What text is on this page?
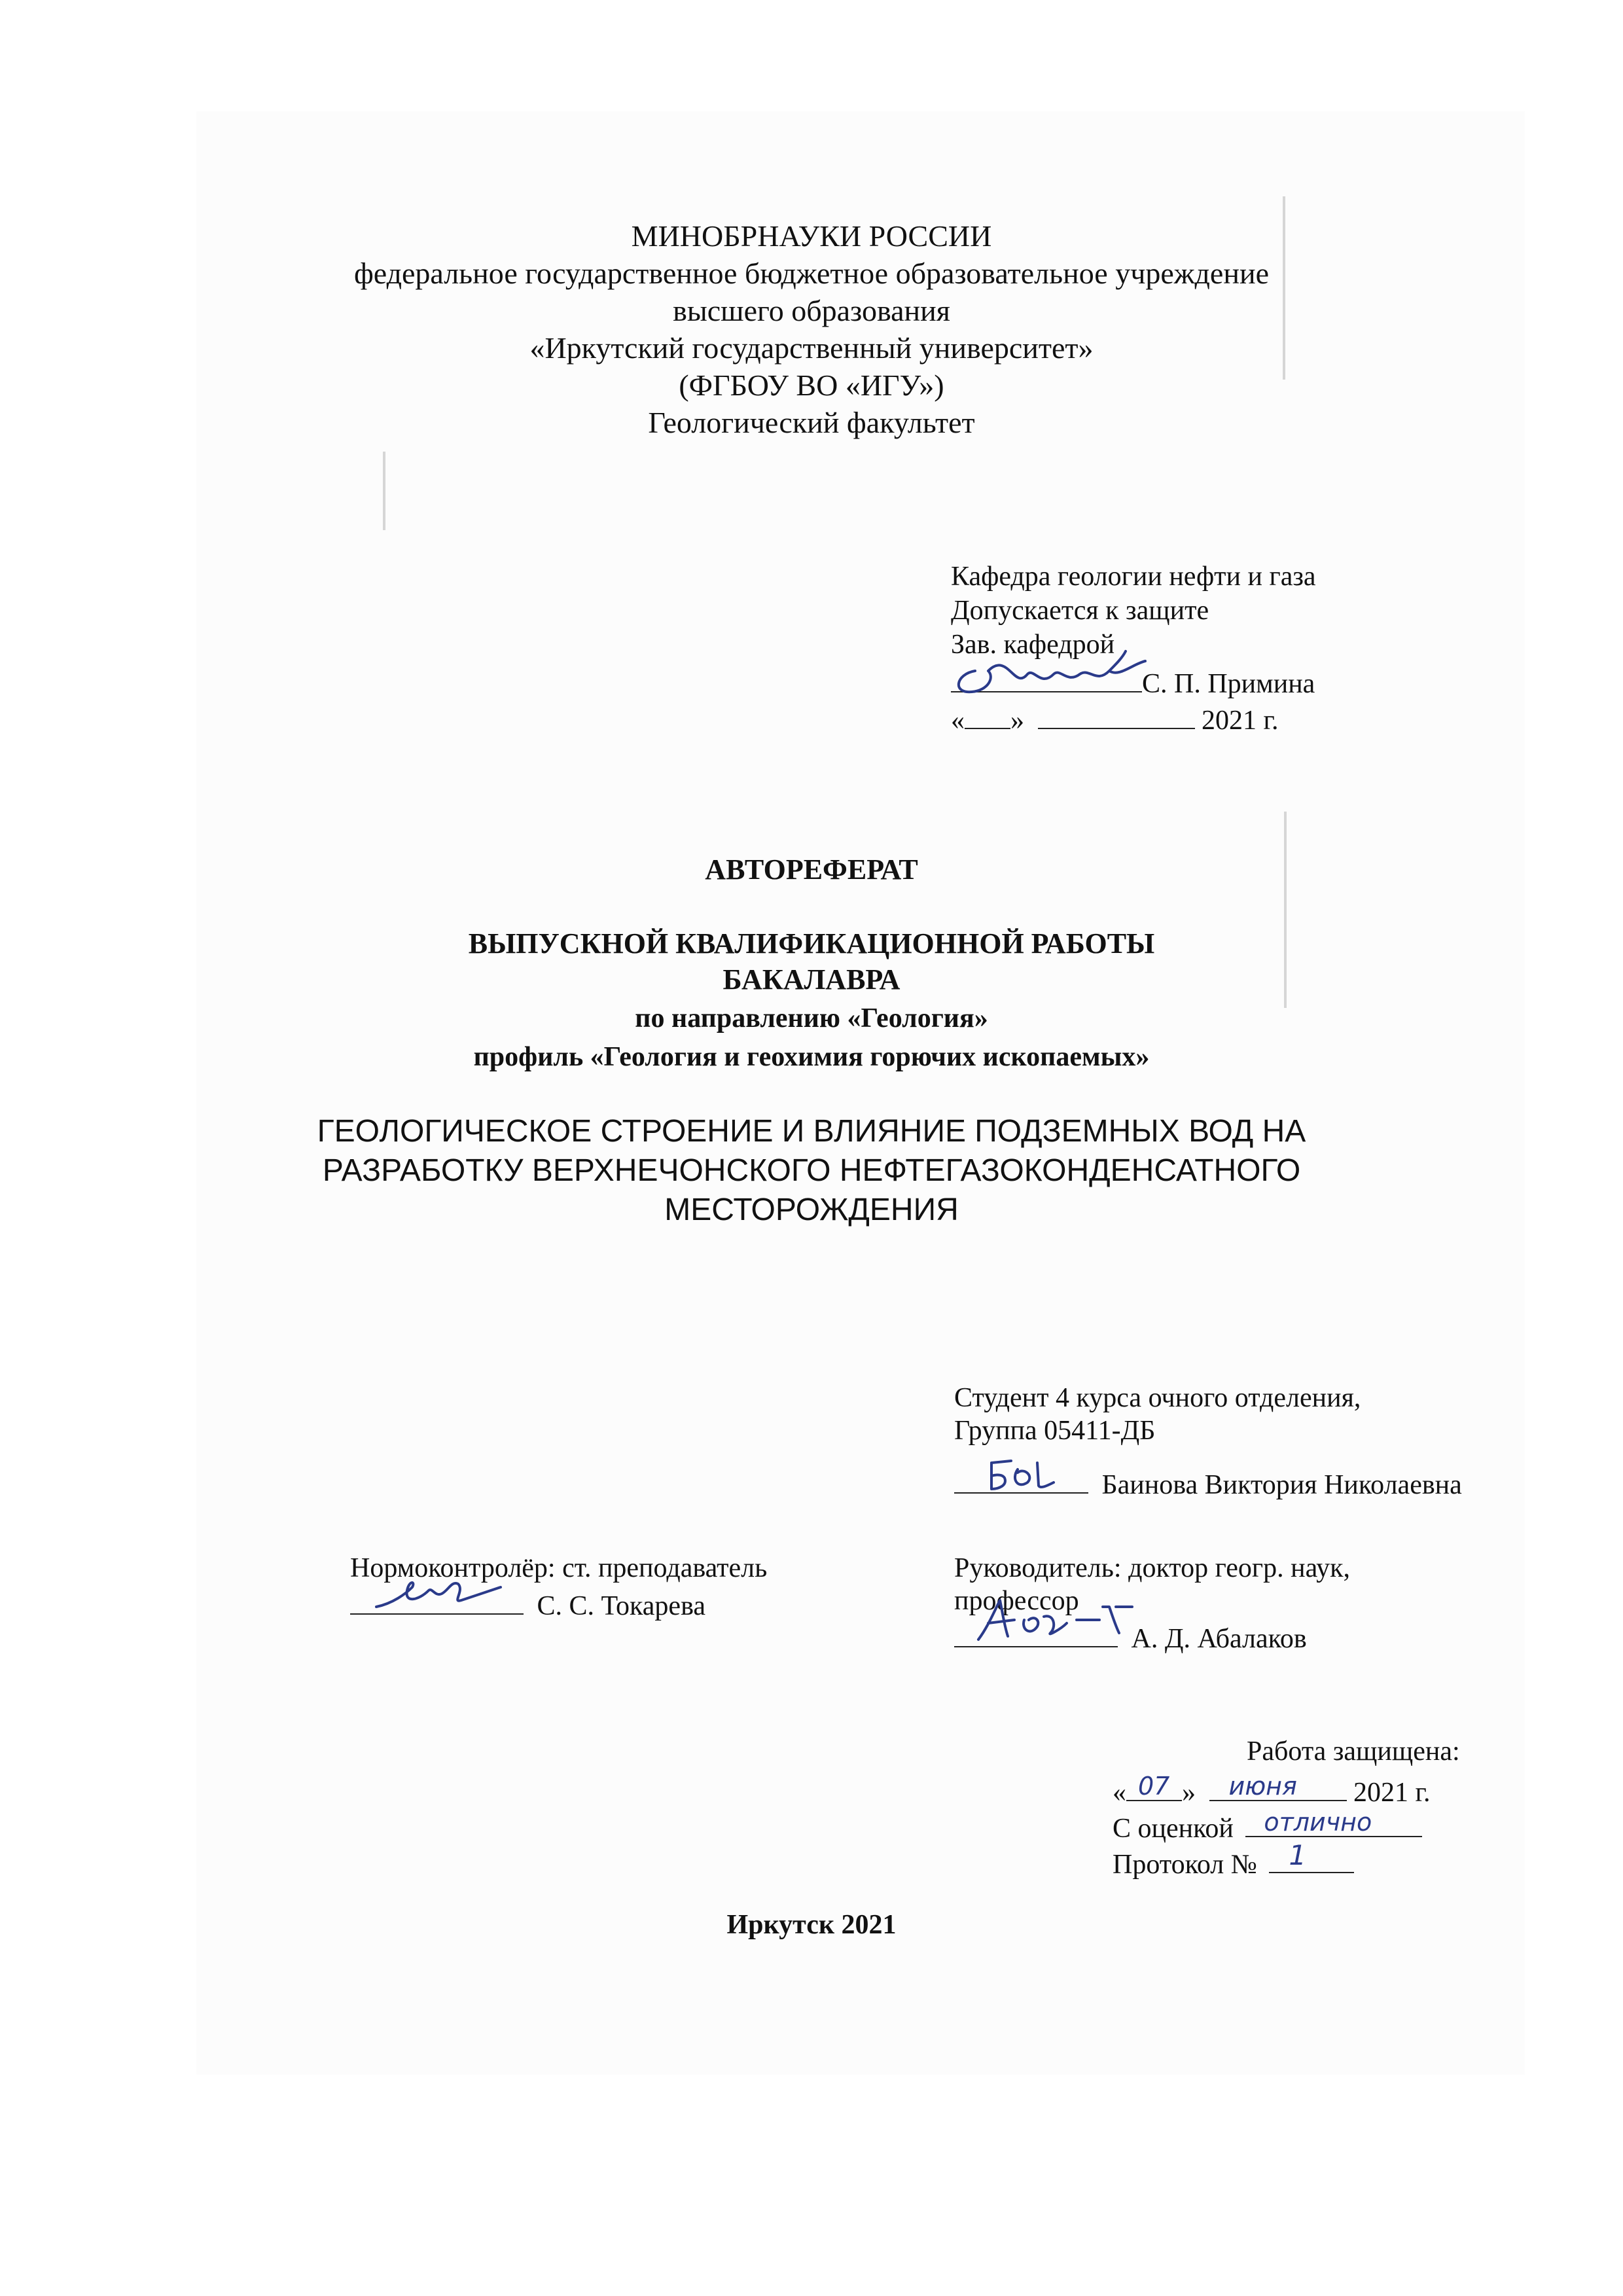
МИНОБРНАУКИ РОССИИ
федеральное государственное бюджетное образовательное учреждение
высшего образования
«Иркутский государственный университет»
(ФГБОУ ВО «ИГУ»)
Геологический факультет
Кафедра геологии нефти и газа
Допускается к защите
Зав. кафедрой
С. П. Примина
« »	2021 г.
АВТОРЕФЕРАТ
ВЫПУСКНОЙ КВАЛИФИКАЦИОННОЙ РАБОТЫ
БАКАЛАВРА
по направлению «Геология»
профиль «Геология и геохимия горючих ископаемых»
ГЕОЛОГИЧЕСКОЕ СТРОЕНИЕ И ВЛИЯНИЕ ПОДЗЕМНЫХ ВОД НА
РАЗРАБОТКУ ВЕРХНЕЧОНСКОГО НЕФТЕГАЗОКОНДЕНСАТНОГО
МЕСТОРОЖДЕНИЯ
Студент 4 курса очного отделения,
Группа 05411-ДБ
Баинова Виктория Николаевна
Нормоконтролёр: ст. преподаватель
С. С. Токарева
Руководитель: доктор геогр. наук,
профессор
А. Д. Абалаков
Работа защищена:
« 07 » июня 2021 г.
С оценкой отлично
Протокол № 1
Иркутск 2021
